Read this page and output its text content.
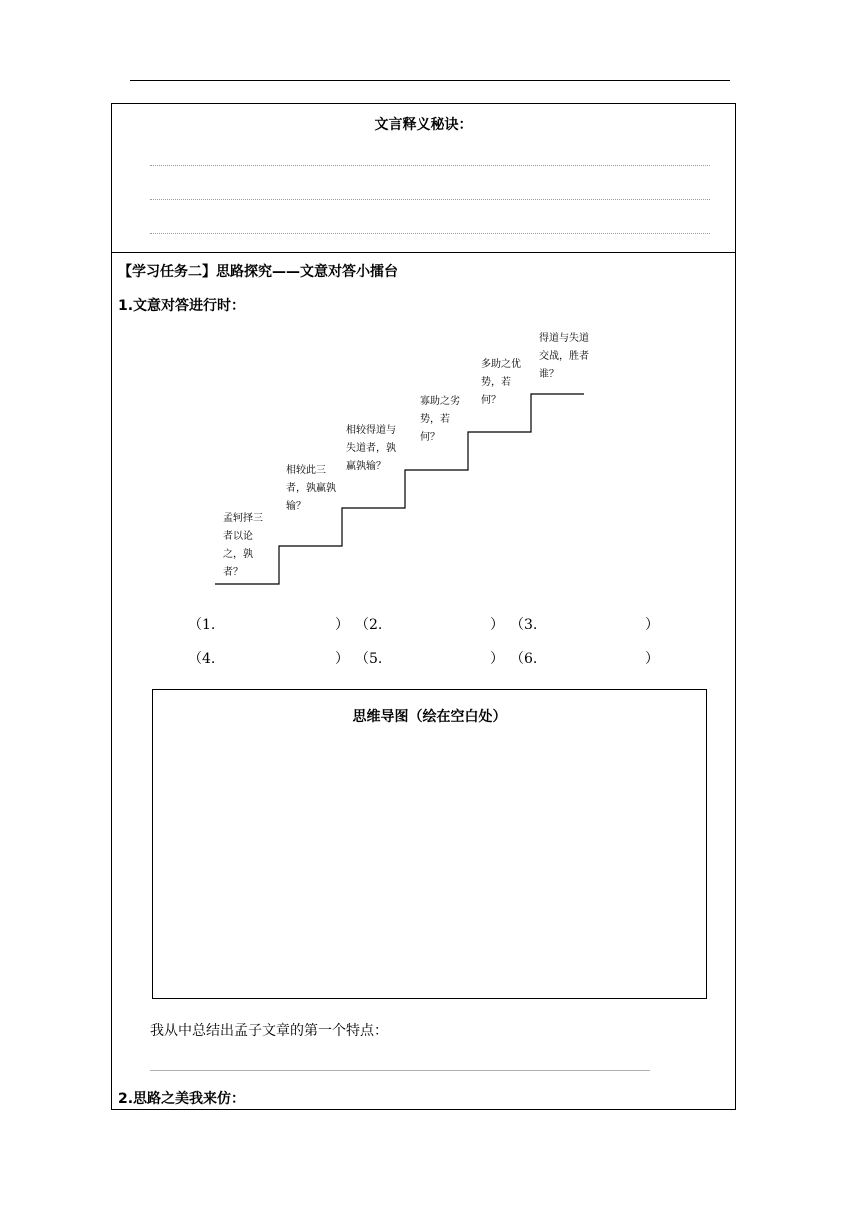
文言释义秘诀：
【学习任务二】思路探究——文意对答小擂台
1.文意对答进行时：
孟轲择三者以论之，孰者？
相较此三者，孰赢孰输？
相较得道与失道者，孰赢孰输？
寡助之劣势，若何？
多助之优势，若何？
得道与失道交战，胜者谁？
（1.	） （2.	） （3.	）
（4.	） （5.	） （6.	）
思维导图（绘在空白处）
我从中总结出孟子文章的第一个特点：
2.思路之美我来仿：
